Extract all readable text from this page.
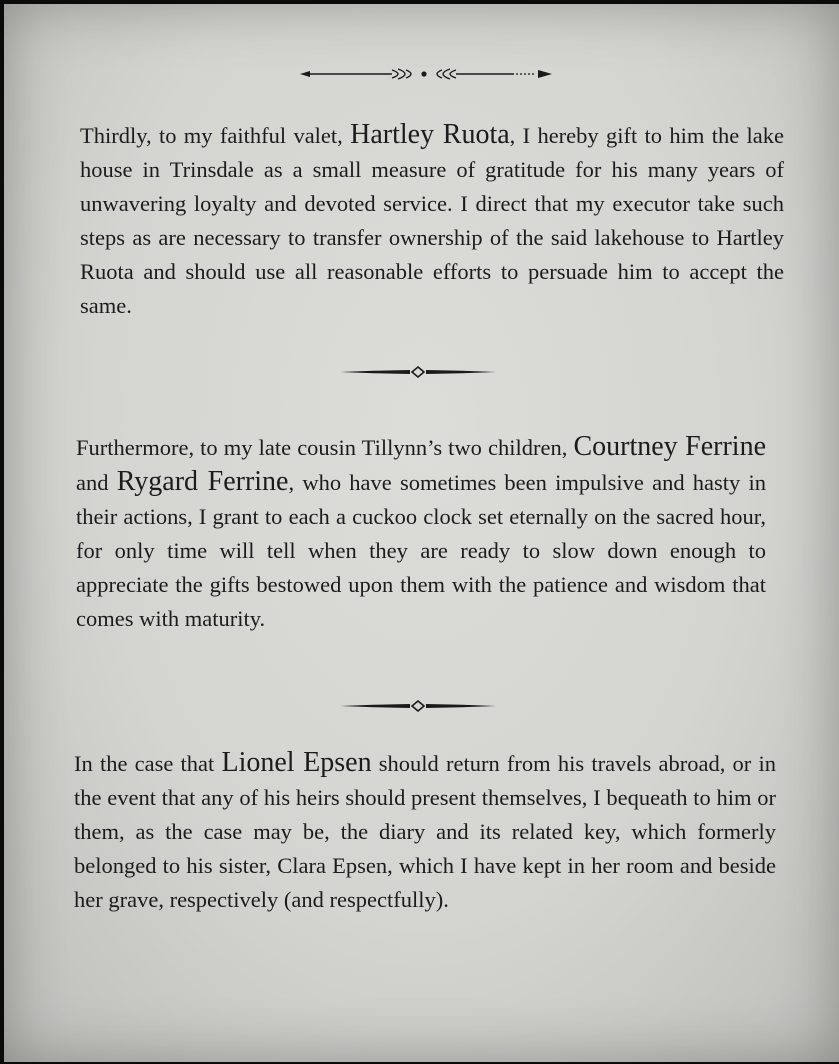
Thirdly, to my faithful valet, Hartley Ruota, I hereby gift to him the lake house in Trinsdale as a small measure of gratitude for his many years of unwavering loyalty and devoted service. I direct that my executor take such steps as are necessary to transfer ownership of the said lakehouse to Hartley Ruota and should use all reasonable efforts to persuade him to accept the same.

Furthermore, to my late cousin Tillynn’s two children, Courtney Ferrine and Rygard Ferrine, who have sometimes been impulsive and hasty in their actions, I grant to each a cuckoo clock set eternally on the sacred hour, for only time will tell when they are ready to slow down enough to appreciate the gifts bestowed upon them with the patience and wisdom that comes with maturity.

In the case that Lionel Epsen should return from his travels abroad, or in the event that any of his heirs should present themselves, I bequeath to him or them, as the case may be, the diary and its related key, which formerly belonged to his sister, Clara Epsen, which I have kept in her room and beside her grave, respectively (and respectfully).
